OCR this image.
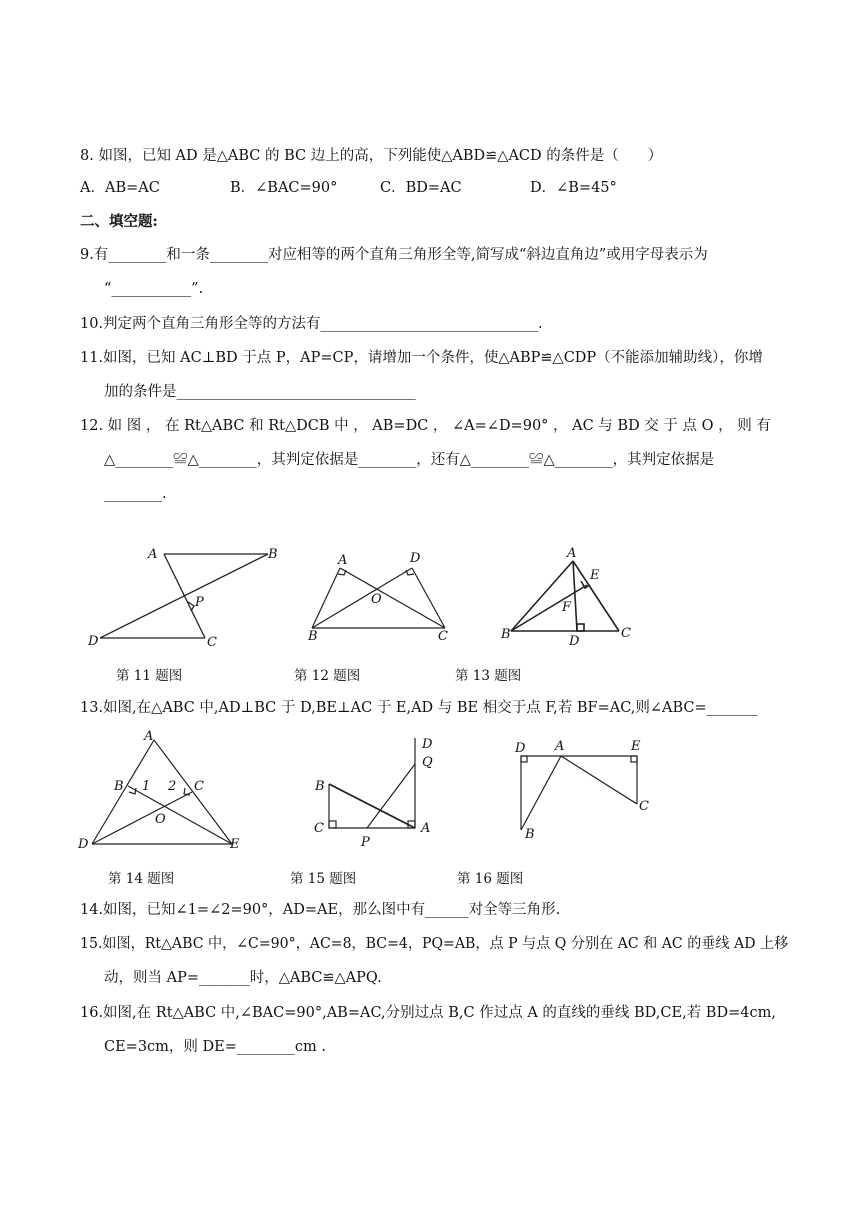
8. 如图，已知 AD 是△ABC 的 BC 边上的高，下列能使△ABD≌△ACD 的条件是（　　）
A．AB=AC	B．∠BAC=90°	C．BD=AC	D．∠B=45°
二、填空题:
9.有________和一条________对应相等的两个直角三角形全等,简写成“斜边直角边”或用字母表示为
“___________”.
10.判定两个直角三角形全等的方法有______________________________.
11.如图，已知 AC⊥BD 于点 P，AP=CP，请增加一个条件，使△ABP≌△CDP（不能添加辅助线），你增
加的条件是_________________________________
12. 如 图 ， 在 Rt△ABC 和 Rt△DCB 中 ， AB=DC ， ∠A=∠D=90° ， AC 与 BD 交 于 点 O ， 则 有
△________≌△________，其判定依据是________，还有△________≌△________，其判定依据是
________.
A	B
P
D	C
A	D
O
B	C
A
E
F
B	D
C
第 11 题图	第 12 题图	第 13 题图
13.如图,在△ABC 中,AD⊥BC 于 D,BE⊥AC 于 E,AD 与 BE 相交于点 F,若 BF=AC,则∠ABC=_______
A
B 1 2 C
O
D	E
D
Q
B
C
P
A
D A	E
C
B
第 14 题图	第 15 题图	第 16 题图
14.如图，已知∠1=∠2=90°，AD=AE，那么图中有______对全等三角形.
15.如图，Rt△ABC 中，∠C=90°，AC=8，BC=4，PQ=AB，点 P 与点 Q 分别在 AC 和 AC 的垂线 AD 上移
动，则当 AP=_______时，△ABC≌△APQ.
16.如图,在 Rt△ABC 中,∠BAC=90°,AB=AC,分别过点 B,C 作过点 A 的直线的垂线 BD,CE,若 BD=4cm,
CE=3cm，则 DE=________cm .
